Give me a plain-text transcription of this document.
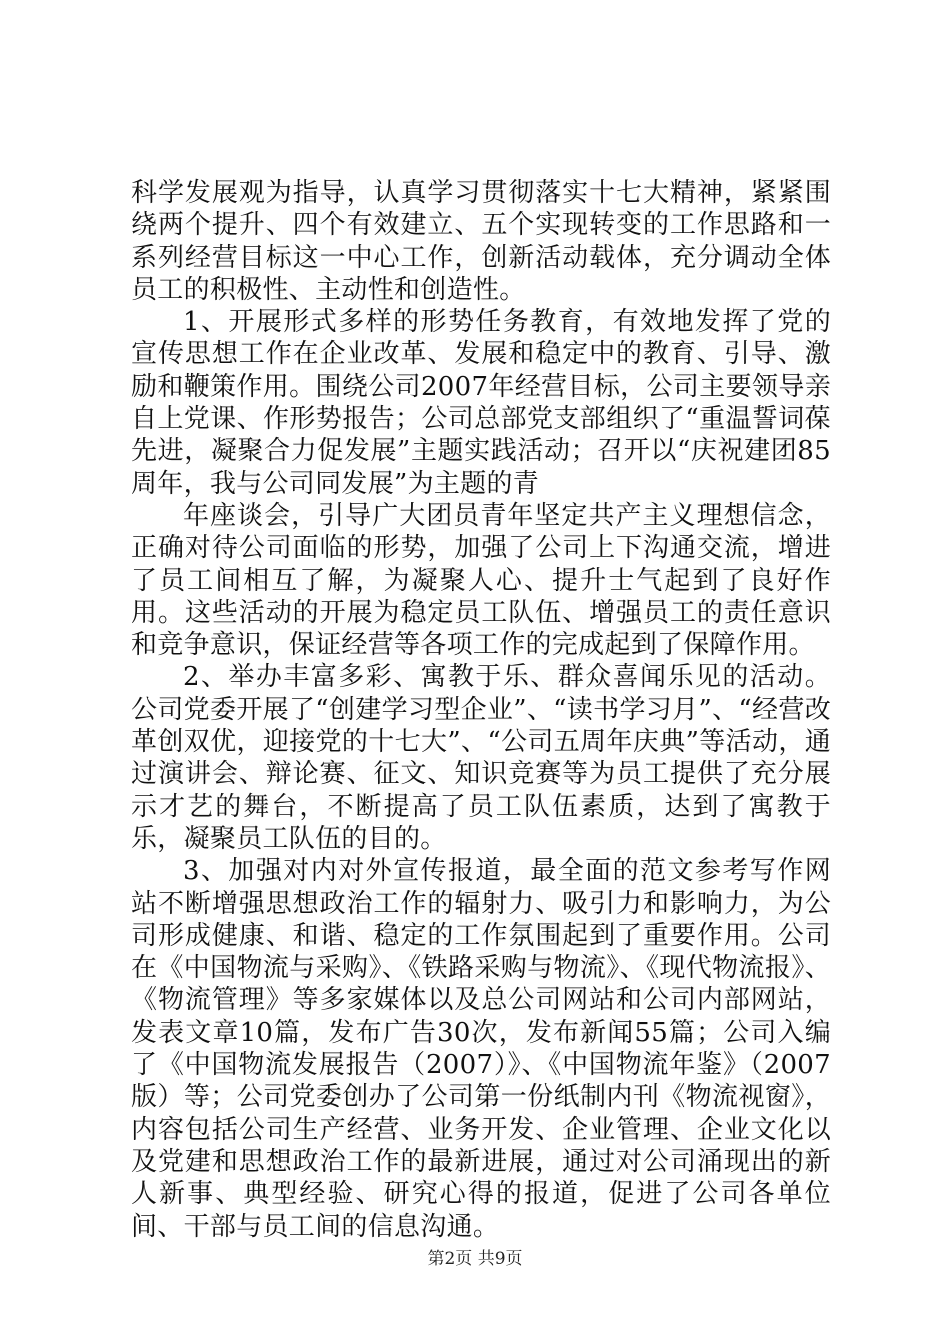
科学发展观为指导，认真学习贯彻落实十七大精神，紧紧围绕两个提升、四个有效建立、五个实现转变的工作思路和一系列经营目标这一中心工作，创新活动载体，充分调动全体员工的积极性、主动性和创造性。

1、开展形式多样的形势任务教育，有效地发挥了党的宣传思想工作在企业改革、发展和稳定中的教育、引导、激励和鞭策作用。围绕公司2007年经营目标，公司主要领导亲自上党课、作形势报告；公司总部党支部组织了“重温誓词葆先进，凝聚合力促发展”主题实践活动；召开以“庆祝建团85周年，我与公司同发展”为主题的青

年座谈会，引导广大团员青年坚定共产主义理想信念，正确对待公司面临的形势，加强了公司上下沟通交流，增进了员工间相互了解，为凝聚人心、提升士气起到了良好作用。这些活动的开展为稳定员工队伍、增强员工的责任意识和竞争意识，保证经营等各项工作的完成起到了保障作用。

2、举办丰富多彩、寓教于乐、群众喜闻乐见的活动。公司党委开展了“创建学习型企业”、“读书学习月”、“经营改革创双优，迎接党的十七大”、“公司五周年庆典”等活动，通过演讲会、辩论赛、征文、知识竞赛等为员工提供了充分展示才艺的舞台，不断提高了员工队伍素质，达到了寓教于乐，凝聚员工队伍的目的。

3、加强对内对外宣传报道，最全面的范文参考写作网站不断增强思想政治工作的辐射力、吸引力和影响力，为公司形成健康、和谐、稳定的工作氛围起到了重要作用。公司在《中国物流与采购》、《铁路采购与物流》、《现代物流报》、《物流管理》等多家媒体以及总公司网站和公司内部网站，发表文章10篇，发布广告30次，发布新闻55篇；公司入编了《中国物流发展报告（2007）》、《中国物流年鉴》（2007版）等；公司党委创办了公司第一份纸制内刊《物流视窗》，内容包括公司生产经营、业务开发、企业管理、企业文化以及党建和思想政治工作的最新进展，通过对公司涌现出的新人新事、典型经验、研究心得的报道，促进了公司各单位间、干部与员工间的信息沟通。

第2页 共9页
